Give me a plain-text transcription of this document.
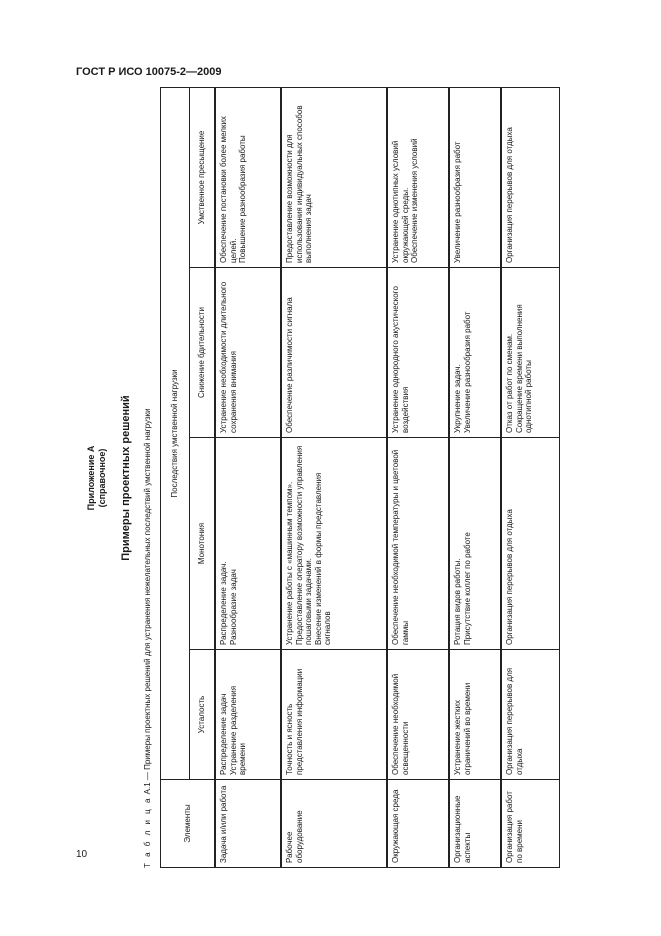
ГОСТ Р ИСО 10075-2—2009
10
Приложение А (справочное) Примеры проектных решений
Т а б л и ц а А.1 — Примеры проектных решений для устранения нежелательных последствий умственной нагрузки
Элементы	Последствия умственной нагрузки			
	Усталость	Монотония	Снижение бдительности	Умственное пресыщение
Задача и/или работа	Распределение задач Устранение разделения времени	Распределение задач. Разнообразие задач	Устранение необходимости длительного сохранения внимания	Обеспечение постановки более мелких целей. Повышение разнообразия работы

Рабочее оборудование	Точность и ясность представления информации	Устранение работы с «машинным темпом». Предоставление оператору возможности управления пошаговыми задачами. Внесение изменений в формы представления сигналов	Обеспечение различимости сигнала	Предоставление возможности для использования индивидуальных способов выполнения задач
Окружающая среда	Обеспечение необходимой освещенности	Обеспечение необходимой температуры и цветовой гаммы	Устранение однородного акустического воздействия	Устранение однотипных условий окружающей среды. Обеспечение изменения условий

Организационные аспекты	Устранение жестких ограничений во времени	Ротация видов работы. Присутствие коллег по работе	Укрупнение задач. Увеличение разнообразия работ	Увеличение разнообразия работ
Организация работ по времени	Организация перерывов для отдыха	Организация перерывов для отдыха	Отказ от работ по сменам. Сокращение времени выполнения однотипной работы	Организация перерывов для отдыха
